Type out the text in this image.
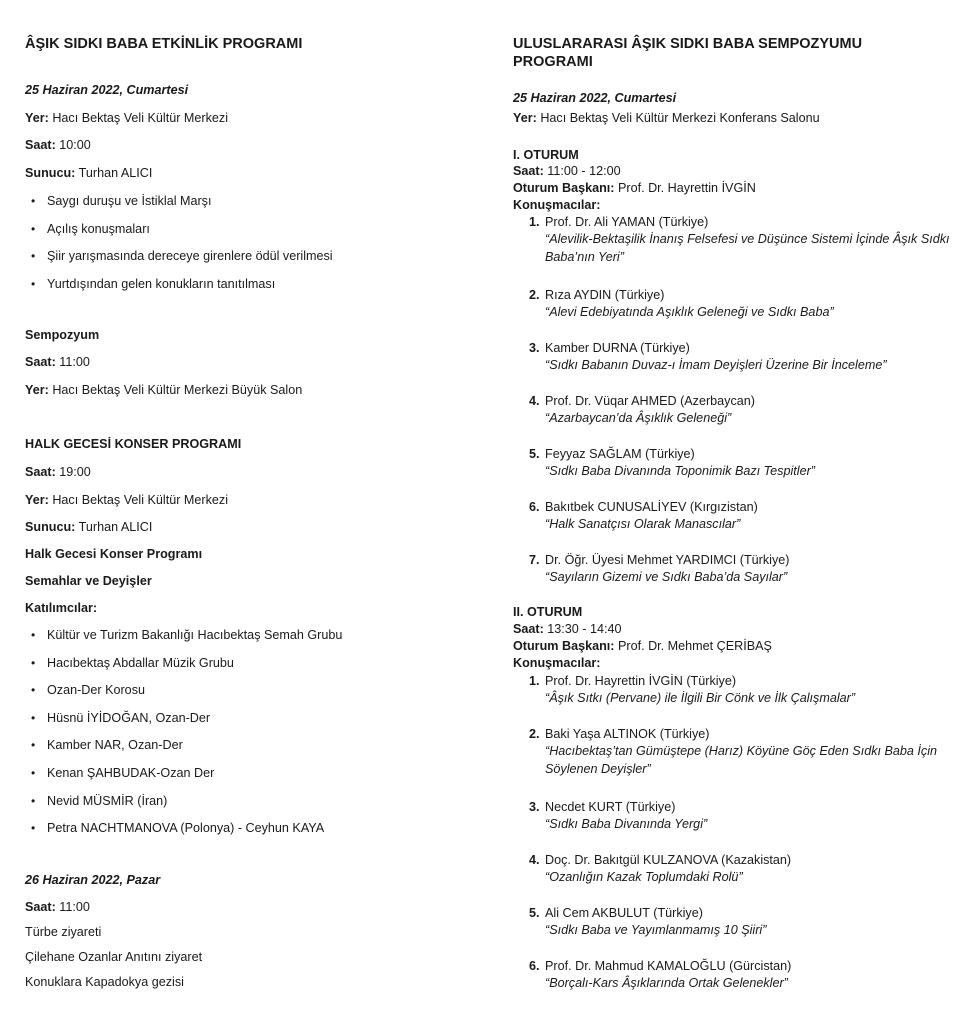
ÂŞIK SIDKI BABA ETKİNLİK PROGRAMI
25 Haziran 2022, Cumartesi
Yer: Hacı Bektaş Veli Kültür Merkezi
Saat: 10:00
Sunucu: Turhan ALICI
• Saygı duruşu ve İstiklal Marşı
• Açılış konuşmaları
• Şiir yarışmasında dereceye girenlere ödül verilmesi
• Yurtdışından gelen konukların tanıtılması
Sempozyum
Saat: 11:00
Yer: Hacı Bektaş Veli Kültür Merkezi Büyük Salon
HALK GECESİ KONSER PROGRAMI
Saat: 19:00
Yer: Hacı Bektaş Veli Kültür Merkezi
Sunucu: Turhan ALICI
Halk Gecesi Konser Programı
Semahlar ve Deyişler
Katılımcılar:
• Kültür ve Turizm Bakanlığı Hacıbektaş Semah Grubu
• Hacıbektaş Abdallar Müzik Grubu
• Ozan-Der Korosu
• Hüsnü İYİDOĞAN, Ozan-Der
• Kamber NAR, Ozan-Der
• Kenan ŞAHBUDAK-Ozan Der
• Nevid MÜSMİR (İran)
• Petra NACHTMANOVA (Polonya) - Ceyhun KAYA
26 Haziran 2022, Pazar
Saat: 11:00
Türbe ziyareti
Çilehane Ozanlar Anıtını ziyaret
Konuklara Kapadokya gezisi
ULUSLARARASI ÂŞIK SIDKI BABA SEMPOZYUMU
PROGRAMI
25 Haziran 2022, Cumartesi
Yer: Hacı Bektaş Veli Kültür Merkezi Konferans Salonu
I. OTURUM
Saat: 11:00 - 12:00
Oturum Başkanı: Prof. Dr. Hayrettin İVGİN
Konuşmacılar:
1. Prof. Dr. Ali YAMAN (Türkiye)
“Alevilik-Bektaşilik İnanış Felsefesi ve Düşünce Sistemi İçinde Âşık Sıdkı Baba’nın Yeri”
2. Rıza AYDIN (Türkiye)
“Alevi Edebiyatında Aşıklık Geleneği ve Sıdkı Baba”
3. Kamber DURNA (Türkiye)
“Sıdkı Babanın Duvaz-ı İmam Deyişleri Üzerine Bir İnceleme”
4. Prof. Dr. Vüqar AHMED (Azerbaycan)
“Azarbaycan’da Âşıklık Geleneği”
5. Feyyaz SAĞLAM (Türkiye)
“Sıdkı Baba Divanında Toponimik Bazı Tespitler”
6. Bakıtbek CUNUSALİYEV (Kırgızistan)
“Halk Sanatçısı Olarak Manascılar”
7. Dr. Öğr. Üyesi Mehmet YARDIMCI (Türkiye)
“Sayıların Gizemi ve Sıdkı Baba’da Sayılar”
II. OTURUM
Saat: 13:30 - 14:40
Oturum Başkanı: Prof. Dr. Mehmet ÇERİBAŞ
Konuşmacılar:
1. Prof. Dr. Hayrettin İVGİN (Türkiye)
“Âşık Sıtkı (Pervane) ile İlgili Bir Cönk ve İlk Çalışmalar”
2. Baki Yaşa ALTINOK (Türkiye)
“Hacıbektaş’tan Gümüştepe (Harız) Köyüne Göç Eden Sıdkı Baba İçin Söylenen Deyişler”
3. Necdet KURT (Türkiye)
“Sıdkı Baba Divanında Yergi”
4. Doç. Dr. Bakıtgül KULZANOVA (Kazakistan)
“Ozanlığın Kazak Toplumdaki Rolü”
5. Ali Cem AKBULUT (Türkiye)
“Sıdkı Baba ve Yayımlanmamış 10 Şiiri”
6. Prof. Dr. Mahmud KAMALOĞLU (Gürcistan)
“Borçalı-Kars Âşıklarında Ortak Gelenekler”
